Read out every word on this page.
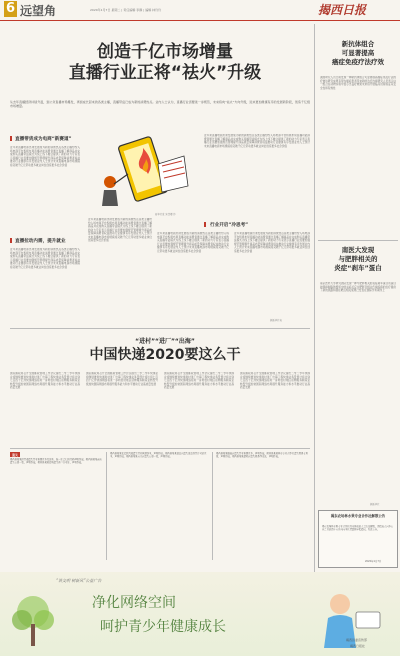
6 远望角	2020年1月7日 星期二 | 责任编辑 李静 | 编辑 林玲玲	揭西日报
创造千亿市场增量
直播行业正将“祛火”升级
从去年直播经济持续升温，到公众直播市场爆发，再到成长起来的各类主播，直播带货已成为新的消费热点。业内人士认为，直播行业需要进一步规范，未来将向“祛火”方向升级，迎来更加健康有序的发展新阶段，创造千亿级市场增量。
直播带货成为电商“新赛道”
近年来直播电商迅速发展成为新的消费热点各类主播纷纷入场电商平台积极布局直播功能消费者通过直播了解商品并完成购买直播带货模式为线上线下融合提供了新的动力专家表示直播行业需要加强规范管理提升商品质量保障消费者权益推动行业健康有序发展业内人士预计未来直播电商市场规模将突破千亿元带动更多就业岗位创造更多社会价值
直播拉动内需，提升就业
近年来直播电商迅速发展成为新的消费热点各类主播纷纷入场电商平台积极布局直播功能消费者通过直播了解商品并完成购买直播带货模式为线上线下融合提供了新的动力专家表示直播行业需要加强规范管理提升商品质量保障消费者权益推动行业健康有序发展业内人士预计未来直播电商市场规模将突破千亿元带动更多就业岗位创造更多社会价值
新华社发 朱慧卿 作
近年来直播电商迅速发展成为新的消费热点各类主播纷纷入场电商平台积极布局直播功能消费者通过直播了解商品并完成购买直播带货模式为线上线下融合提供了新的动力专家表示直播行业需要加强规范管理提升商品质量保障消费者权益推动行业健康有序发展业内人士预计未来直播电商市场规模将突破千亿元带动更多就业岗位创造更多社会价值
近年来直播电商迅速发展成为新的消费热点各类主播纷纷入场电商平台积极布局直播功能消费者通过直播了解商品并完成购买直播带货模式为线上线下融合提供了新的动力专家表示直播行业需要加强规范管理提升商品质量保障消费者权益推动行业健康有序发展业内人士预计未来直播电商市场规模将突破千亿元带动更多就业岗位创造更多社会价值
行业开启“冷思考”
近年来直播电商迅速发展成为新的消费热点各类主播纷纷入场电商平台积极布局直播功能消费者通过直播了解商品并完成购买直播带货模式为线上线下融合提供了新的动力专家表示直播行业需要加强规范管理提升商品质量保障消费者权益推动行业健康有序发展业内人士预计未来直播电商市场规模将突破千亿元带动更多就业岗位创造更多社会价值
近年来直播电商迅速发展成为新的消费热点各类主播纷纷入场电商平台积极布局直播功能消费者通过直播了解商品并完成购买直播带货模式为线上线下融合提供了新的动力专家表示直播行业需要加强规范管理提升商品质量保障消费者权益推动行业健康有序发展业内人士预计未来直播电商市场规模将突破千亿元带动更多就业岗位创造更多社会价值
据新华社电
“进村”“进厂”“出海”
中国快递2020要这么干
国家邮政局召开全国邮政管理工作会议提出二零二零年快递业将继续推进快递进村进厂出海工程快递业务量预计将达到七百四十亿件快递网络将进一步向农村地区延伸服务制造业转型升级加快国际网络布局提升服务能力和水平推动行业高质量发展
国家邮政局召开全国邮政管理工作会议提出二零二零年快递业将继续推进快递进村进厂出海工程快递业务量预计将达到七百四十亿件快递网络将进一步向农村地区延伸服务制造业转型升级加快国际网络布局提升服务能力和水平推动行业高质量发展
国家邮政局召开全国邮政管理工作会议提出二零二零年快递业将继续推进快递进村进厂出海工程快递业务量预计将达到七百四十亿件快递网络将进一步向农村地区延伸服务制造业转型升级加快国际网络布局提升服务能力和水平推动行业高质量发展
国家邮政局召开全国邮政管理工作会议提出二零二零年快递业将继续推进快递进村进厂出海工程快递业务量预计将达到七百四十亿件快递网络将进一步向农村地区延伸服务制造业转型升级加快国际网络布局提升服务能力和水平推动行业高质量发展
新抗体组合
可显著提高
癌症免疫疗法疗效
美国研究人员日前发现一种新抗体组合可显著提高癌症免疫疗法的疗效该研究成果有望为癌症患者带来新的治疗选择研究人员表示这一组合在动物实验中显示出良好效果未来将开展临床试验验证其安全性和有效性
南医大发现
与肥胖相关的
炎症“刹车”蛋白
南京医科大学研究团队发现一种与肥胖相关的炎症刹车蛋白该蛋白能够抑制脂肪组织中的炎症反应为肥胖及相关代谢疾病的治疗提供了新的思路和潜在靶点相关成果已发表在国际学术期刊上
据新华社
揭东农场林水果专业合作社解散公告
揭东农场林水果专业合作社经全体成员大会决议解散，请债权人自本公告之日起四十五日内向本社清算组申报债权。特此公告。
2020年1月7日
遗失
揭西县某某经营部遗失营业执照正本及副本，统一社会信用代码声明作废。揭西县某某商店遗失公章一枚，声明作废。揭西县某某农场遗失开户许可证，声明作废。
揭西县某某农资经营部遗失营业执照副本，声明作废。揭西县某某食品店遗失食品经营许可证正本，声明作废。揭西县某某五金店遗失公章一枚，声明作废。
揭西县某某服装店遗失营业执照正本，声明作废。揭西县某某种养专业合作社遗失财务专用章，声明作废。揭西县某某建材店遗失税务登记证，声明作废。
“讲文明 树新风”公益广告
净化网络空间
呵护青少年健康成长
揭西县委宣传部
揭西日报社
